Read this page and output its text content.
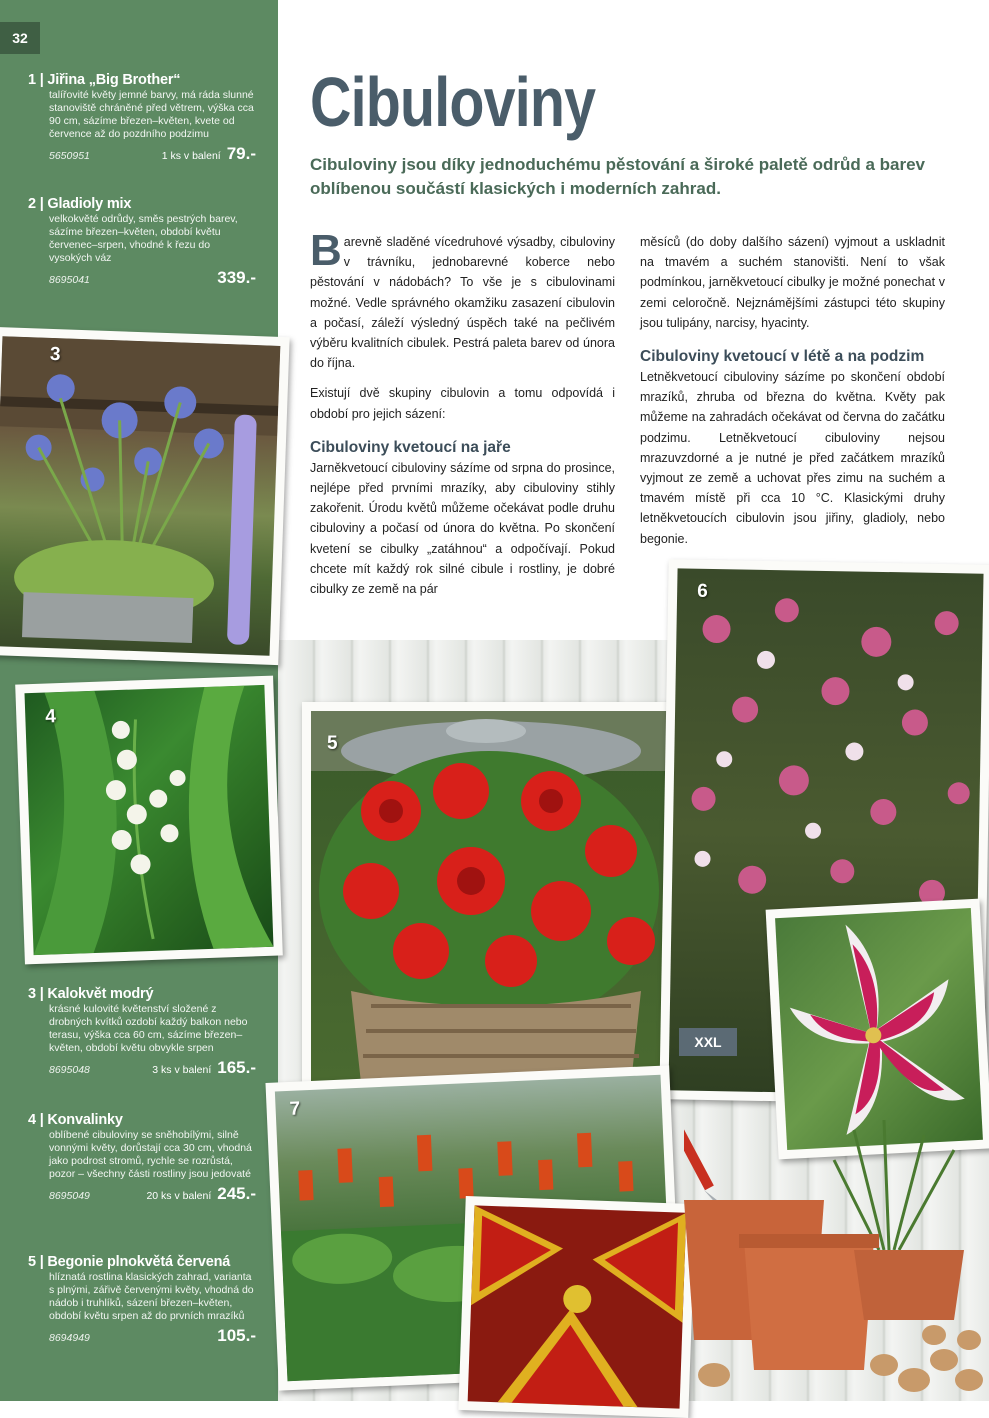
32
1 | Jiřina „Big Brother“
talířovité květy jemné barvy, má ráda slunné stanoviště chráněné před větrem, výška cca 90 cm, sázíme březen–květen, kvete od července až do pozdního podzimu
5650951	1 ks v balení 79.-
2 | Gladioly mix
velkokvěté odrůdy, směs pestrých barev, sázíme březen–květen, období květu červenec–srpen, vhodné k řezu do vysokých váz
8695041	339.-
3 | Kalokvět modrý
krásné kulovité květenství složené z drobných kvítků ozdobí každý balkon nebo terasu, výška cca 60 cm, sázíme březen–květen, období květu obvykle srpen
8695048	3 ks v balení 165.-
4 | Konvalinky
oblíbené cibuloviny se sněhobílými, silně vonnými květy, dorůstají cca 30 cm, vhodná jako podrost stromů, rychle se rozrůstá, pozor – všechny části rostliny jsou jedovaté
8695049	20 ks v balení 245.-
5 | Begonie plnokvětá červená
hlíznatá rostlina klasických zahrad, varianta s plnými, zářivě červenými květy, vhodná do nádob i truhlíků, sázení březen–květen, období květu srpen až do prvních mrazíků
8694949	105.-
Cibuloviny
Cibuloviny jsou díky jednoduchému pěstování a široké paletě odrůd a barev oblíbenou součástí klasických i moderních zahrad.

Barevně sladěné vícedruhové výsadby, cibuloviny v trávníku, jednobarevné koberce nebo pěstování v nádobách? To vše je s cibulovinami možné. Vedle správného okamžiku zasazení cibulovin a počasí, záleží výsledný úspěch také na pečlivém výběru kvalitních cibulek. Pestrá paleta barev od února do října.

Existují dvě skupiny cibulovin a tomu odpovídá i období pro jejich sázení:

Cibuloviny kvetoucí na jaře

Jarněkvetoucí cibuloviny sázíme od srpna do prosince, nejlépe před prvními mrazíky, aby cibuloviny stihly zakořenit. Úrodu květů můžeme očekávat podle druhu cibuloviny a počasí od února do května. Po skončení kvetení se cibulky „zatáhnou“ a odpočívají. Pokud chcete mít každý rok silné cibule i rostliny, je dobré cibulky ze země na pár

měsíců (do doby dalšího sázení) vyjmout a uskladnit na tmavém a suchém stanovišti. Není to však podmínkou, jarněkvetoucí cibulky je možné ponechat v zemi celoročně. Nejznámějšími zástupci této skupiny jsou tulipány, narcisy, hyacinty.

Cibuloviny kvetoucí v létě a na podzim

Letněkvetoucí cibuloviny sázíme po skončení období mrazíků, zhruba od března do května. Květy pak můžeme na zahradách očekávat od června do začátku podzimu. Letněkvetoucí cibuloviny nejsou mrazuvzdorné a je nutné je před začátkem mrazíků vyjmout ze země a uchovat přes zimu na suchém a tmavém místě při cca 10 °C. Klasickými druhy letněkvetoucích cibulovin jsou jiřiny, gladioly, nebo begonie.

3
4
5
6
XXL
7
